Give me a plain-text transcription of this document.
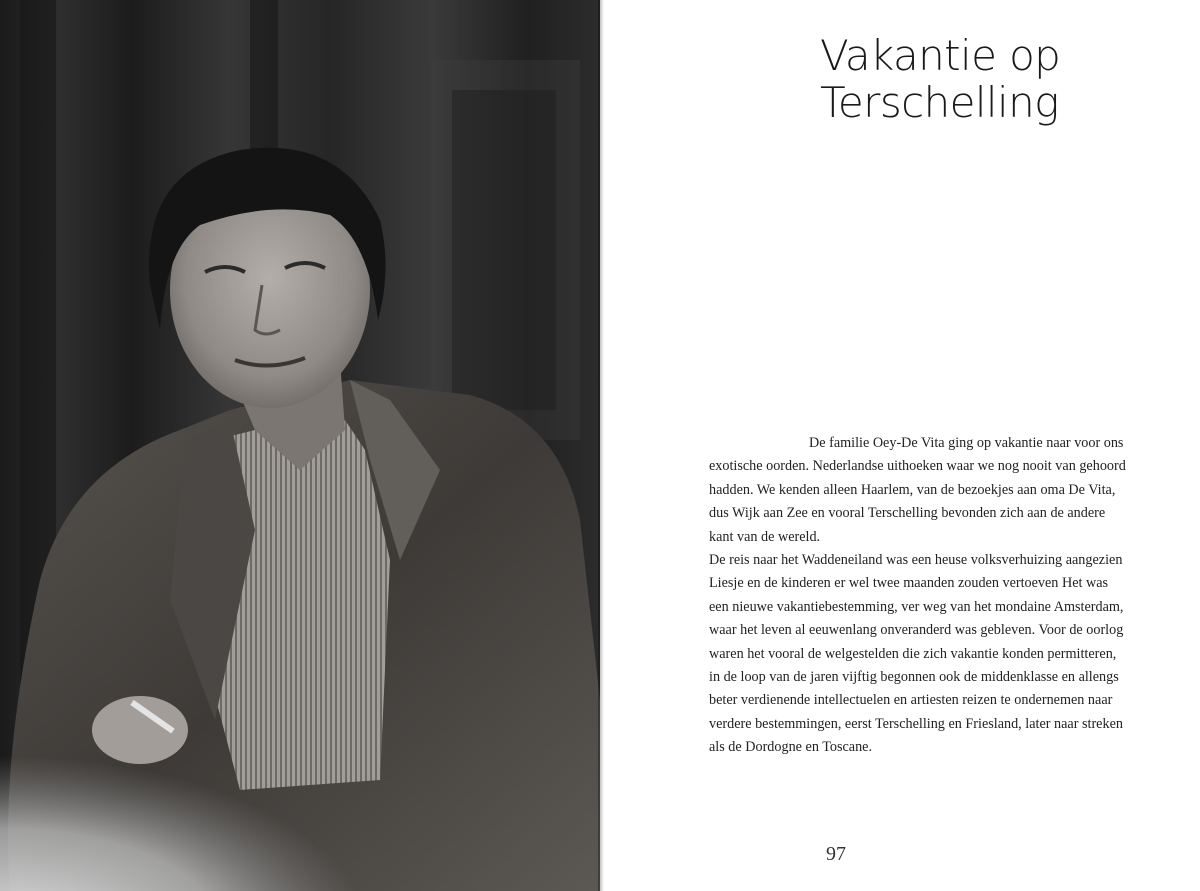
Vakantie op
Terschelling

De familie Oey-De Vita ging op vakantie naar voor ons exotische oorden. Nederlandse uithoeken waar we nog nooit van gehoord hadden. We kenden alleen Haarlem, van de bezoekjes aan oma De Vita, dus Wijk aan Zee en vooral Terschelling bevonden zich aan de andere kant van de wereld.

De reis naar het Waddeneiland was een heuse volksverhuizing aangezien Liesje en de kinderen er wel twee maanden zouden vertoeven Het was een nieuwe vakantiebestemming, ver weg van het mondaine Amsterdam, waar het leven al eeuwenlang onveranderd was gebleven. Voor de oorlog waren het vooral de welgestelden die zich vakantie konden permitteren, in de loop van de jaren vijftig begonnen ook de middenklasse en allengs beter verdienende intellectuelen en artiesten reizen te ondernemen naar verdere bestemmingen, eerst Terschelling en Friesland, later naar streken als de Dordogne en Toscane.

97
